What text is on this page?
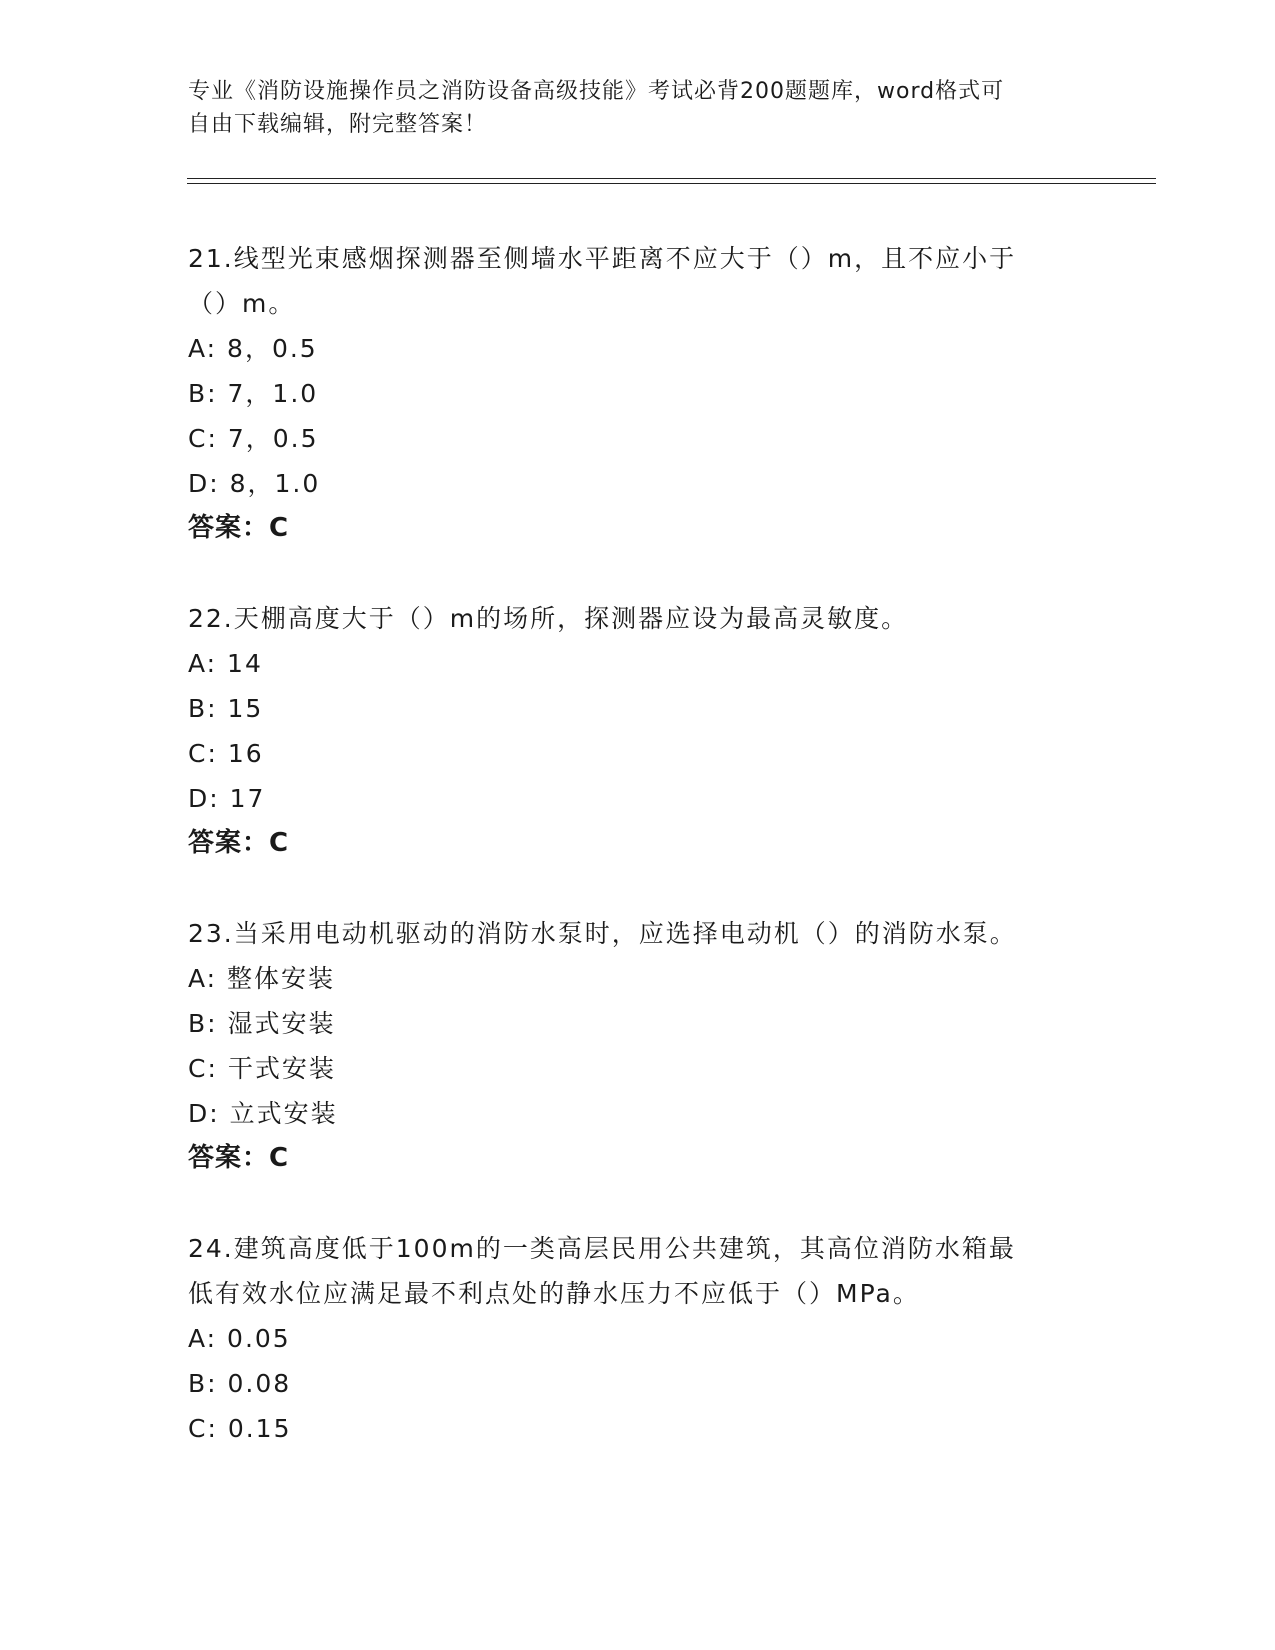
专业《消防设施操作员之消防设备高级技能》考试必背200题题库，word格式可
自由下载编辑，附完整答案！

21.线型光束感烟探测器至侧墙水平距离不应大于（）m，且不应小于

（）m。

A: 8，0.5

B: 7，1.0

C: 7，0.5

D: 8，1.0

答案：C

22.天棚高度大于（）m的场所，探测器应设为最高灵敏度。

A: 14

B: 15

C: 16

D: 17

答案：C

23.当采用电动机驱动的消防水泵时，应选择电动机（）的消防水泵。

A: 整体安装

B: 湿式安装

C: 干式安装

D: 立式安装

答案：C

24.建筑高度低于100m的一类高层民用公共建筑，其高位消防水箱最

低有效水位应满足最不利点处的静水压力不应低于（）MPa。

A: 0.05

B: 0.08

C: 0.15
